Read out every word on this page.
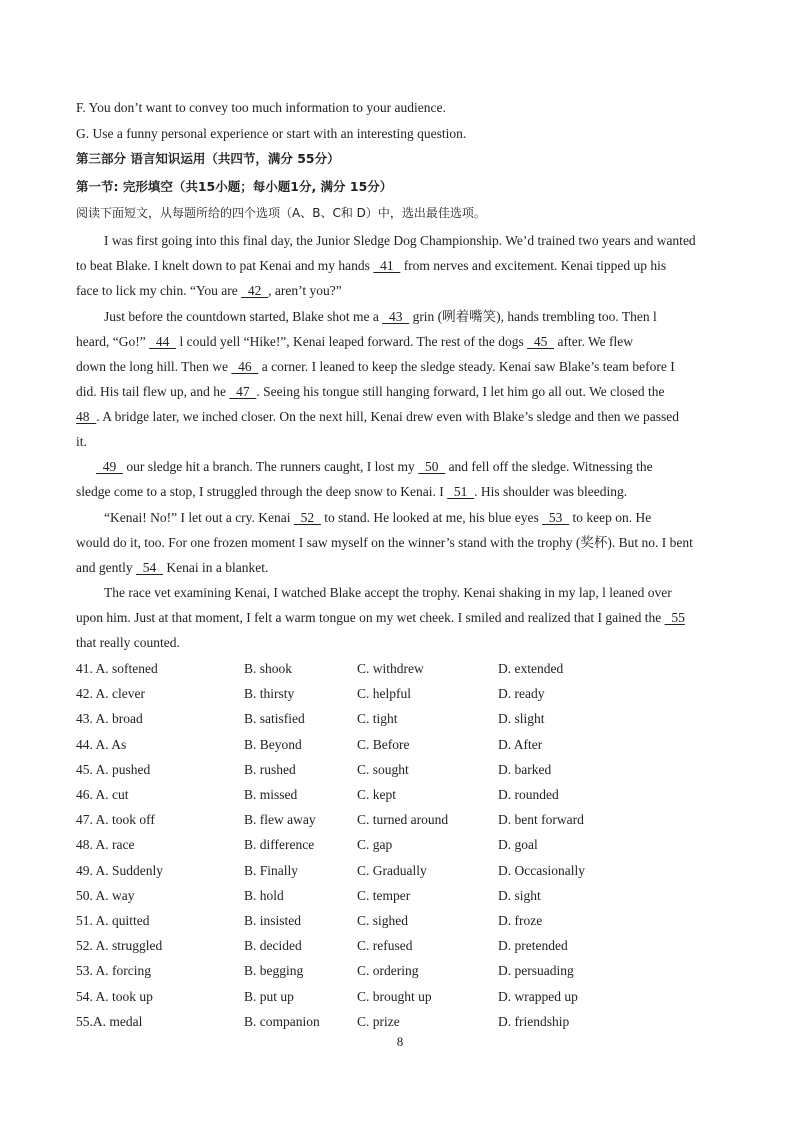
F. You don’t want to convey too much information to your audience.
G. Use a funny personal experience or start with an interesting question.
第三部分 语言知识运用（共四节，满分 55分）
第一节: 完形填空（共15小题；每小题1分, 满分 15分）
阅读下面短文，从每题所给的四个选项（A、B、C和 D）中，选出最佳选项。
I was first going into this final day, the Junior Sledge Dog Championship. We’d trained two years and wanted
to beat Blake. I knelt down to pat Kenai and my hands   41   from nerves and excitement. Kenai tipped up his
face to lick my chin. “You are   42  , aren’t you?”
Just before the countdown started, Blake shot me a   43   grin (咧着嘴笑), hands trembling too. Then l
heard, “Go!”   44   l could yell “Hike!”, Kenai leaped forward. The rest of the dogs   45   after. We flew
down the long hill. Then we   46   a corner. I leaned to keep the sledge steady. Kenai saw Blake’s team before I
did. His tail flew up, and he   47  . Seeing his tongue still hanging forward, I let him go all out. We closed the
48  . A bridge later, we inched closer. On the next hill, Kenai drew even with Blake’s sledge and then we passed
it.
49   our sledge hit a branch. The runners caught, I lost my   50   and fell off the sledge. Witnessing the
sledge come to a stop, I struggled through the deep snow to Kenai. I   51  . His shoulder was bleeding.
“Kenai! No!” I let out a cry. Kenai   52   to stand. He looked at me, his blue eyes   53   to keep on. He
would do it, too. For one frozen moment I saw myself on the winner’s stand with the trophy (奖杯). But no. I bent
and gently   54   Kenai in a blanket.
The race vet examining Kenai, I watched Blake accept the trophy. Kenai shaking in my lap, l leaned over
upon him. Just at that moment, I felt a warm tongue on my wet cheek. I smiled and realized that I gained the   55
that really counted.
41. A. softened	B. shook	C. withdrew	D. extended
42. A. clever	B. thirsty	C. helpful	D. ready
43. A. broad	B. satisfied	C. tight	D. slight
44. A. As	B. Beyond	C. Before	D. After
45. A. pushed	B. rushed	C. sought	D. barked
46. A. cut	B. missed	C. kept	D. rounded
47. A. took off	B. flew away	C. turned around	D. bent forward
48. A. race	B. difference	C. gap	D. goal
49. A. Suddenly	B. Finally	C. Gradually	D. Occasionally
50. A. way	B. hold	C. temper	D. sight
51. A. quitted	B. insisted	C. sighed	D. froze
52. A. struggled	B. decided	C. refused	D. pretended
53. A. forcing	B. begging	C. ordering	D. persuading
54. A. took up	B. put up	C. brought up	D. wrapped up
55.A. medal	B. companion	C. prize	D. friendship
8
